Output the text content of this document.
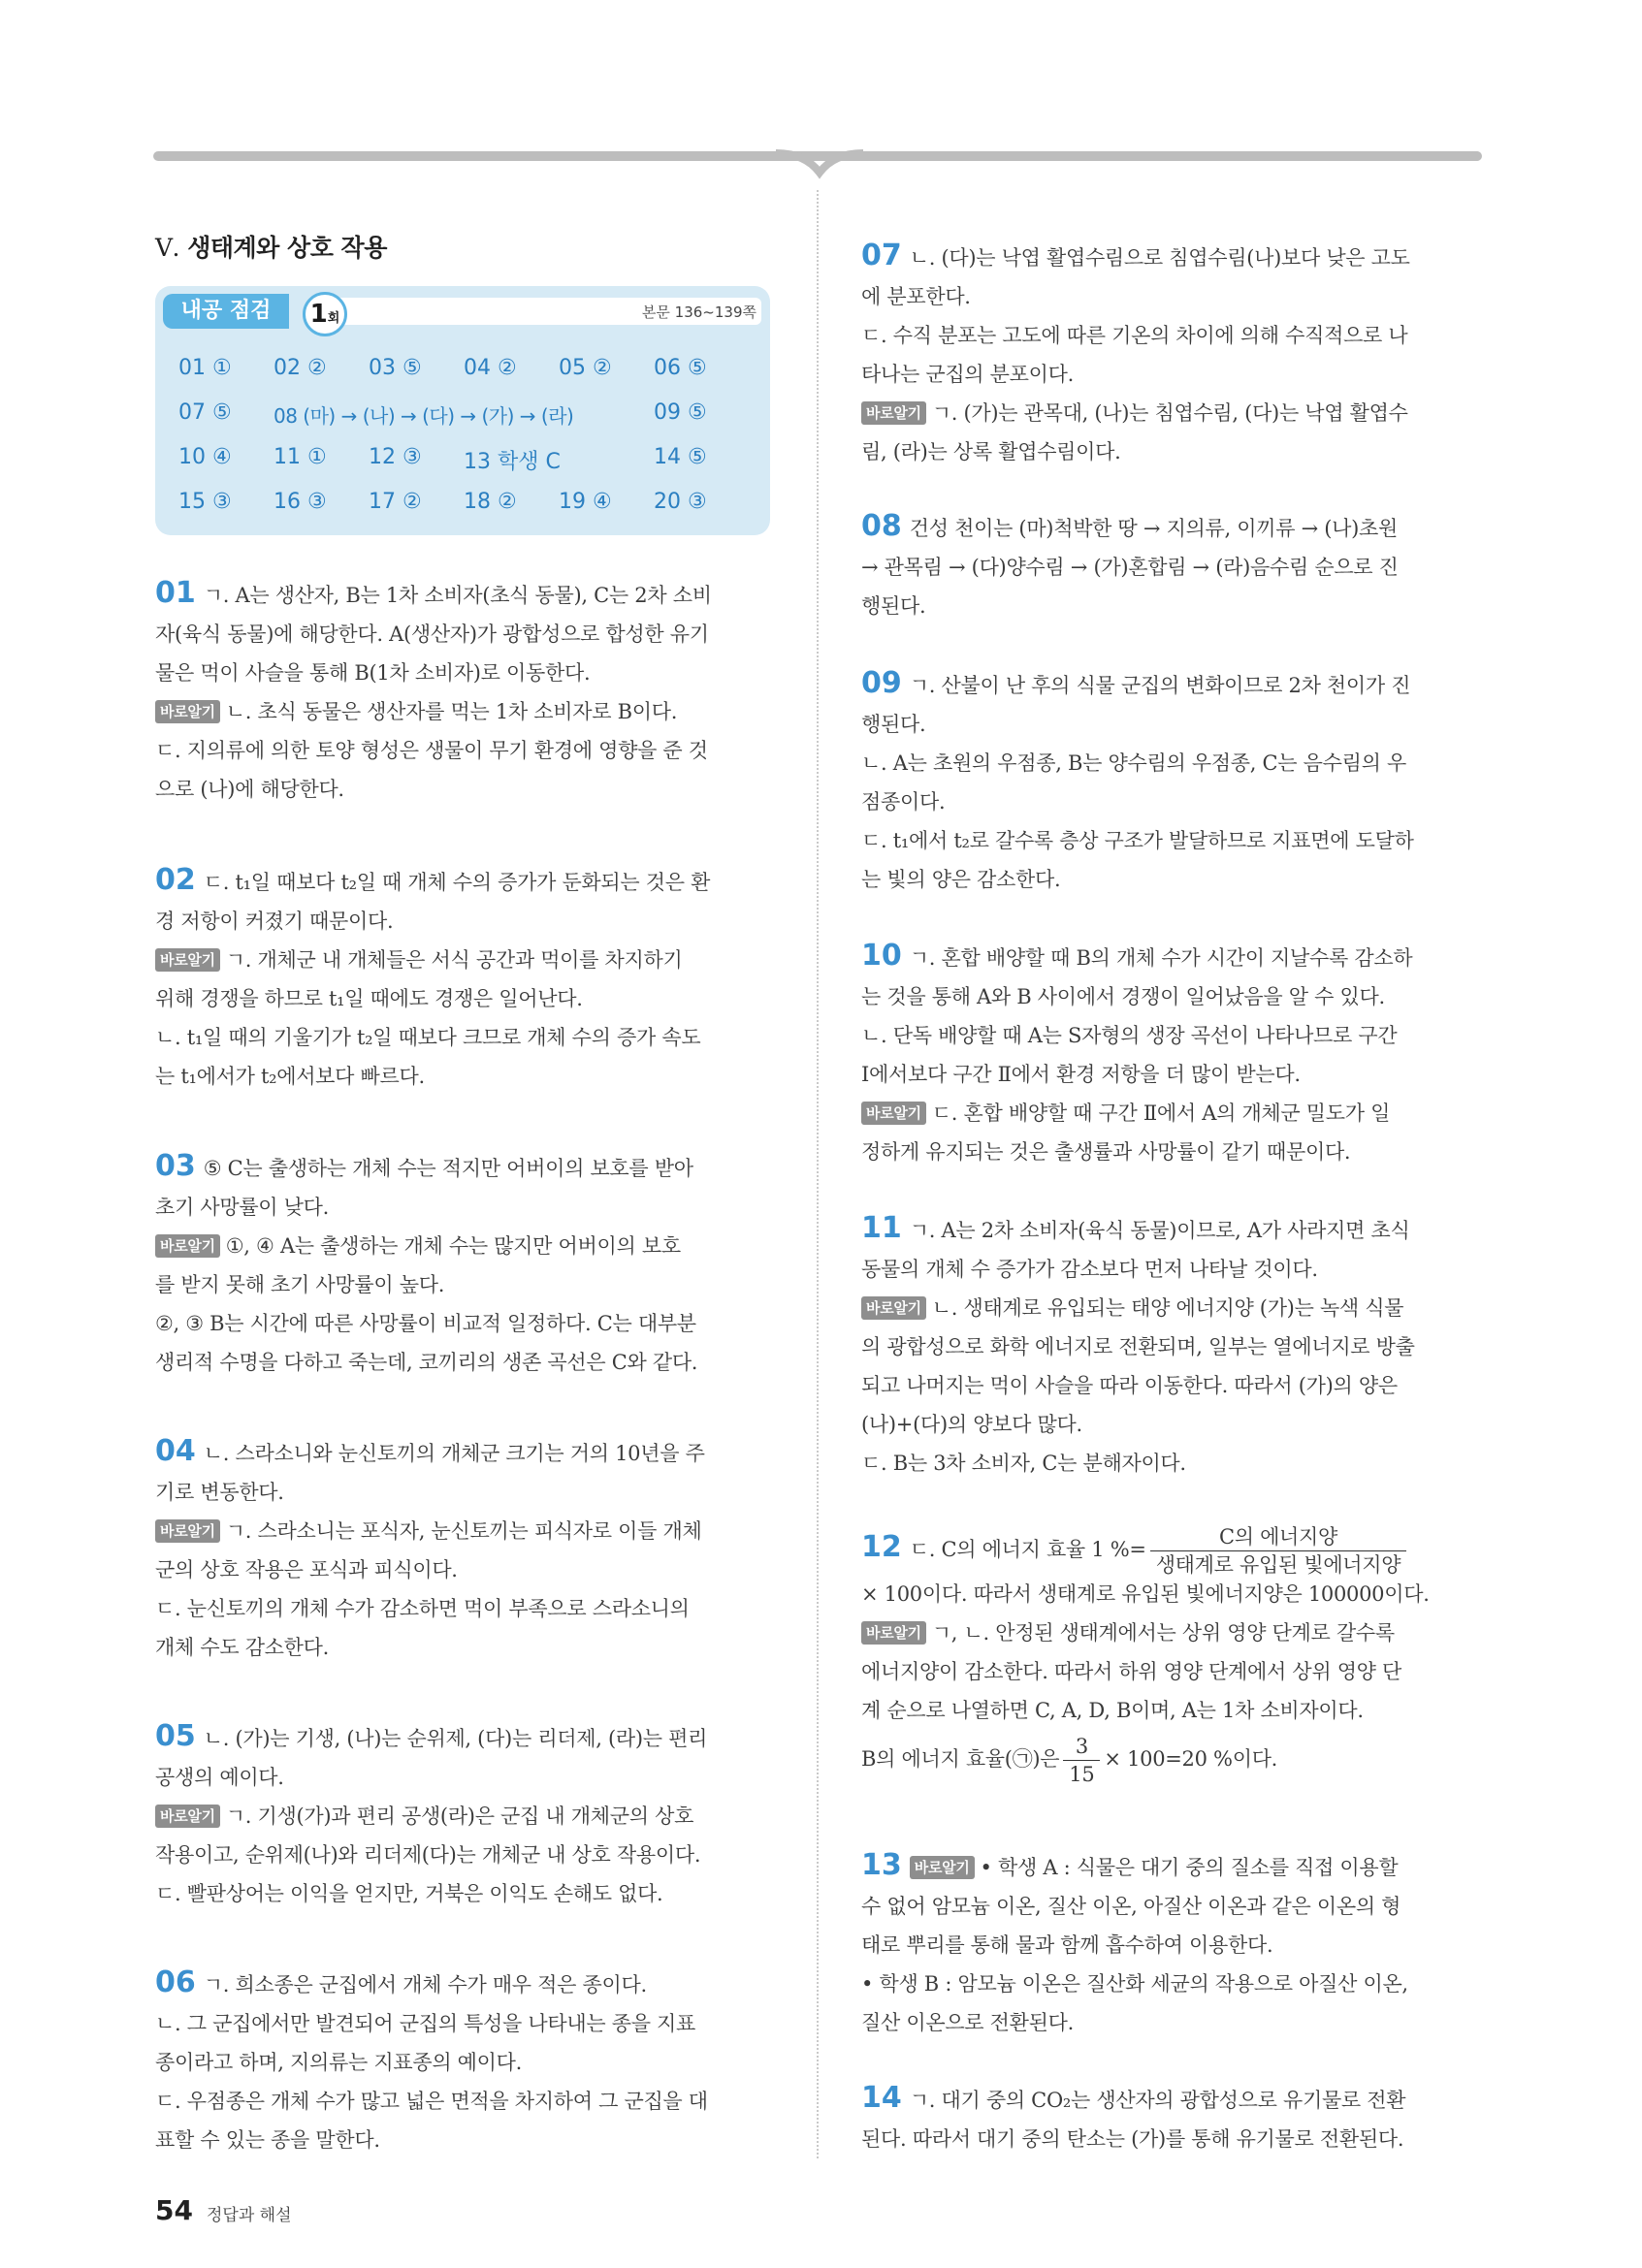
Ⅴ. 생태계와 상호 작용
내공 점검	1회	본문 136~139쪽
01 ① 02 ② 03 ⑤ 04 ② 05 ② 06 ⑤
07 ⑤ 08 (마) → (나) → (다) → (가) → (라)	09 ⑤
10 ④ 11 ① 12 ③ 13 학생 C	14 ⑤
15 ③ 16 ③ 17 ② 18 ② 19 ④ 20 ③
01 ㄱ. A는 생산자, B는 1차 소비자(초식 동물), C는 2차 소비
자(육식 동물)에 해당한다. A(생산자)가 광합성으로 합성한 유기
물은 먹이 사슬을 통해 B(1차 소비자)로 이동한다.
바로알기 ㄴ. 초식 동물은 생산자를 먹는 1차 소비자로 B이다.
ㄷ. 지의류에 의한 토양 형성은 생물이 무기 환경에 영향을 준 것
으로 (나)에 해당한다.
02 ㄷ. t₁일 때보다 t₂일 때 개체 수의 증가가 둔화되는 것은 환
경 저항이 커졌기 때문이다.
바로알기 ㄱ. 개체군 내 개체들은 서식 공간과 먹이를 차지하기
위해 경쟁을 하므로 t₁일 때에도 경쟁은 일어난다.
ㄴ. t₁일 때의 기울기가 t₂일 때보다 크므로 개체 수의 증가 속도
는 t₁에서가 t₂에서보다 빠르다.
03 ⑤ C는 출생하는 개체 수는 적지만 어버이의 보호를 받아
초기 사망률이 낮다.
바로알기 ①, ④ A는 출생하는 개체 수는 많지만 어버이의 보호
를 받지 못해 초기 사망률이 높다.
②, ③ B는 시간에 따른 사망률이 비교적 일정하다. C는 대부분
생리적 수명을 다하고 죽는데, 코끼리의 생존 곡선은 C와 같다.
04 ㄴ. 스라소니와 눈신토끼의 개체군 크기는 거의 10년을 주
기로 변동한다.
바로알기 ㄱ. 스라소니는 포식자, 눈신토끼는 피식자로 이들 개체
군의 상호 작용은 포식과 피식이다.
ㄷ. 눈신토끼의 개체 수가 감소하면 먹이 부족으로 스라소니의
개체 수도 감소한다.
05 ㄴ. (가)는 기생, (나)는 순위제, (다)는 리더제, (라)는 편리
공생의 예이다.
바로알기 ㄱ. 기생(가)과 편리 공생(라)은 군집 내 개체군의 상호
작용이고, 순위제(나)와 리더제(다)는 개체군 내 상호 작용이다.
ㄷ. 빨판상어는 이익을 얻지만, 거북은 이익도 손해도 없다.
06 ㄱ. 희소종은 군집에서 개체 수가 매우 적은 종이다.
ㄴ. 그 군집에서만 발견되어 군집의 특성을 나타내는 종을 지표
종이라고 하며, 지의류는 지표종의 예이다.
ㄷ. 우점종은 개체 수가 많고 넓은 면적을 차지하여 그 군집을 대
표할 수 있는 종을 말한다.
07 ㄴ. (다)는 낙엽 활엽수림으로 침엽수림(나)보다 낮은 고도
에 분포한다.
ㄷ. 수직 분포는 고도에 따른 기온의 차이에 의해 수직적으로 나
타나는 군집의 분포이다.
바로알기 ㄱ. (가)는 관목대, (나)는 침엽수림, (다)는 낙엽 활엽수
림, (라)는 상록 활엽수림이다.
08 건성 천이는 (마)척박한 땅 → 지의류, 이끼류 → (나)초원
→ 관목림 → (다)양수림 → (가)혼합림 → (라)음수림 순으로 진
행된다.
09 ㄱ. 산불이 난 후의 식물 군집의 변화이므로 2차 천이가 진
행된다.
ㄴ. A는 초원의 우점종, B는 양수림의 우점종, C는 음수림의 우
점종이다.
ㄷ. t₁에서 t₂로 갈수록 층상 구조가 발달하므로 지표면에 도달하
는 빛의 양은 감소한다.
10 ㄱ. 혼합 배양할 때 B의 개체 수가 시간이 지날수록 감소하
는 것을 통해 A와 B 사이에서 경쟁이 일어났음을 알 수 있다.
ㄴ. 단독 배양할 때 A는 S자형의 생장 곡선이 나타나므로 구간
Ⅰ에서보다 구간 Ⅱ에서 환경 저항을 더 많이 받는다.
바로알기 ㄷ. 혼합 배양할 때 구간 Ⅱ에서 A의 개체군 밀도가 일
정하게 유지되는 것은 출생률과 사망률이 같기 때문이다.
11 ㄱ. A는 2차 소비자(육식 동물)이므로, A가 사라지면 초식
동물의 개체 수 증가가 감소보다 먼저 나타날 것이다.
바로알기 ㄴ. 생태계로 유입되는 태양 에너지양 (가)는 녹색 식물
의 광합성으로 화학 에너지로 전환되며, 일부는 열에너지로 방출
되고 나머지는 먹이 사슬을 따라 이동한다. 따라서 (가)의 양은
(나)+(다)의 양보다 많다.
ㄷ. B는 3차 소비자, C는 분해자이다.
12 ㄷ. C의 에너지 효율 1 %= $\frac{\text{C의 에너지양}}{\text{생태계로 유입된 빛에너지양}}$
× 100이다. 따라서 생태계로 유입된 빛에너지양은 100000이다.
바로알기 ㄱ, ㄴ. 안정된 생태계에서는 상위 영양 단계로 갈수록
에너지양이 감소한다. 따라서 하위 영양 단계에서 상위 영양 단
계 순으로 나열하면 C, A, D, B이며, A는 1차 소비자이다.
B의 에너지 효율(㉠)은 $\frac{3}{15} \times 100=20$ %이다.
13 바로알기 • 학생 A : 식물은 대기 중의 질소를 직접 이용할
수 없어 암모늄 이온, 질산 이온, 아질산 이온과 같은 이온의 형
태로 뿌리를 통해 물과 함께 흡수하여 이용한다.
• 학생 B : 암모늄 이온은 질산화 세균의 작용으로 아질산 이온,
질산 이온으로 전환된다.
14 ㄱ. 대기 중의 CO₂는 생산자의 광합성으로 유기물로 전환
된다. 따라서 대기 중의 탄소는 (가)를 통해 유기물로 전환된다.
54 정답과 해설
